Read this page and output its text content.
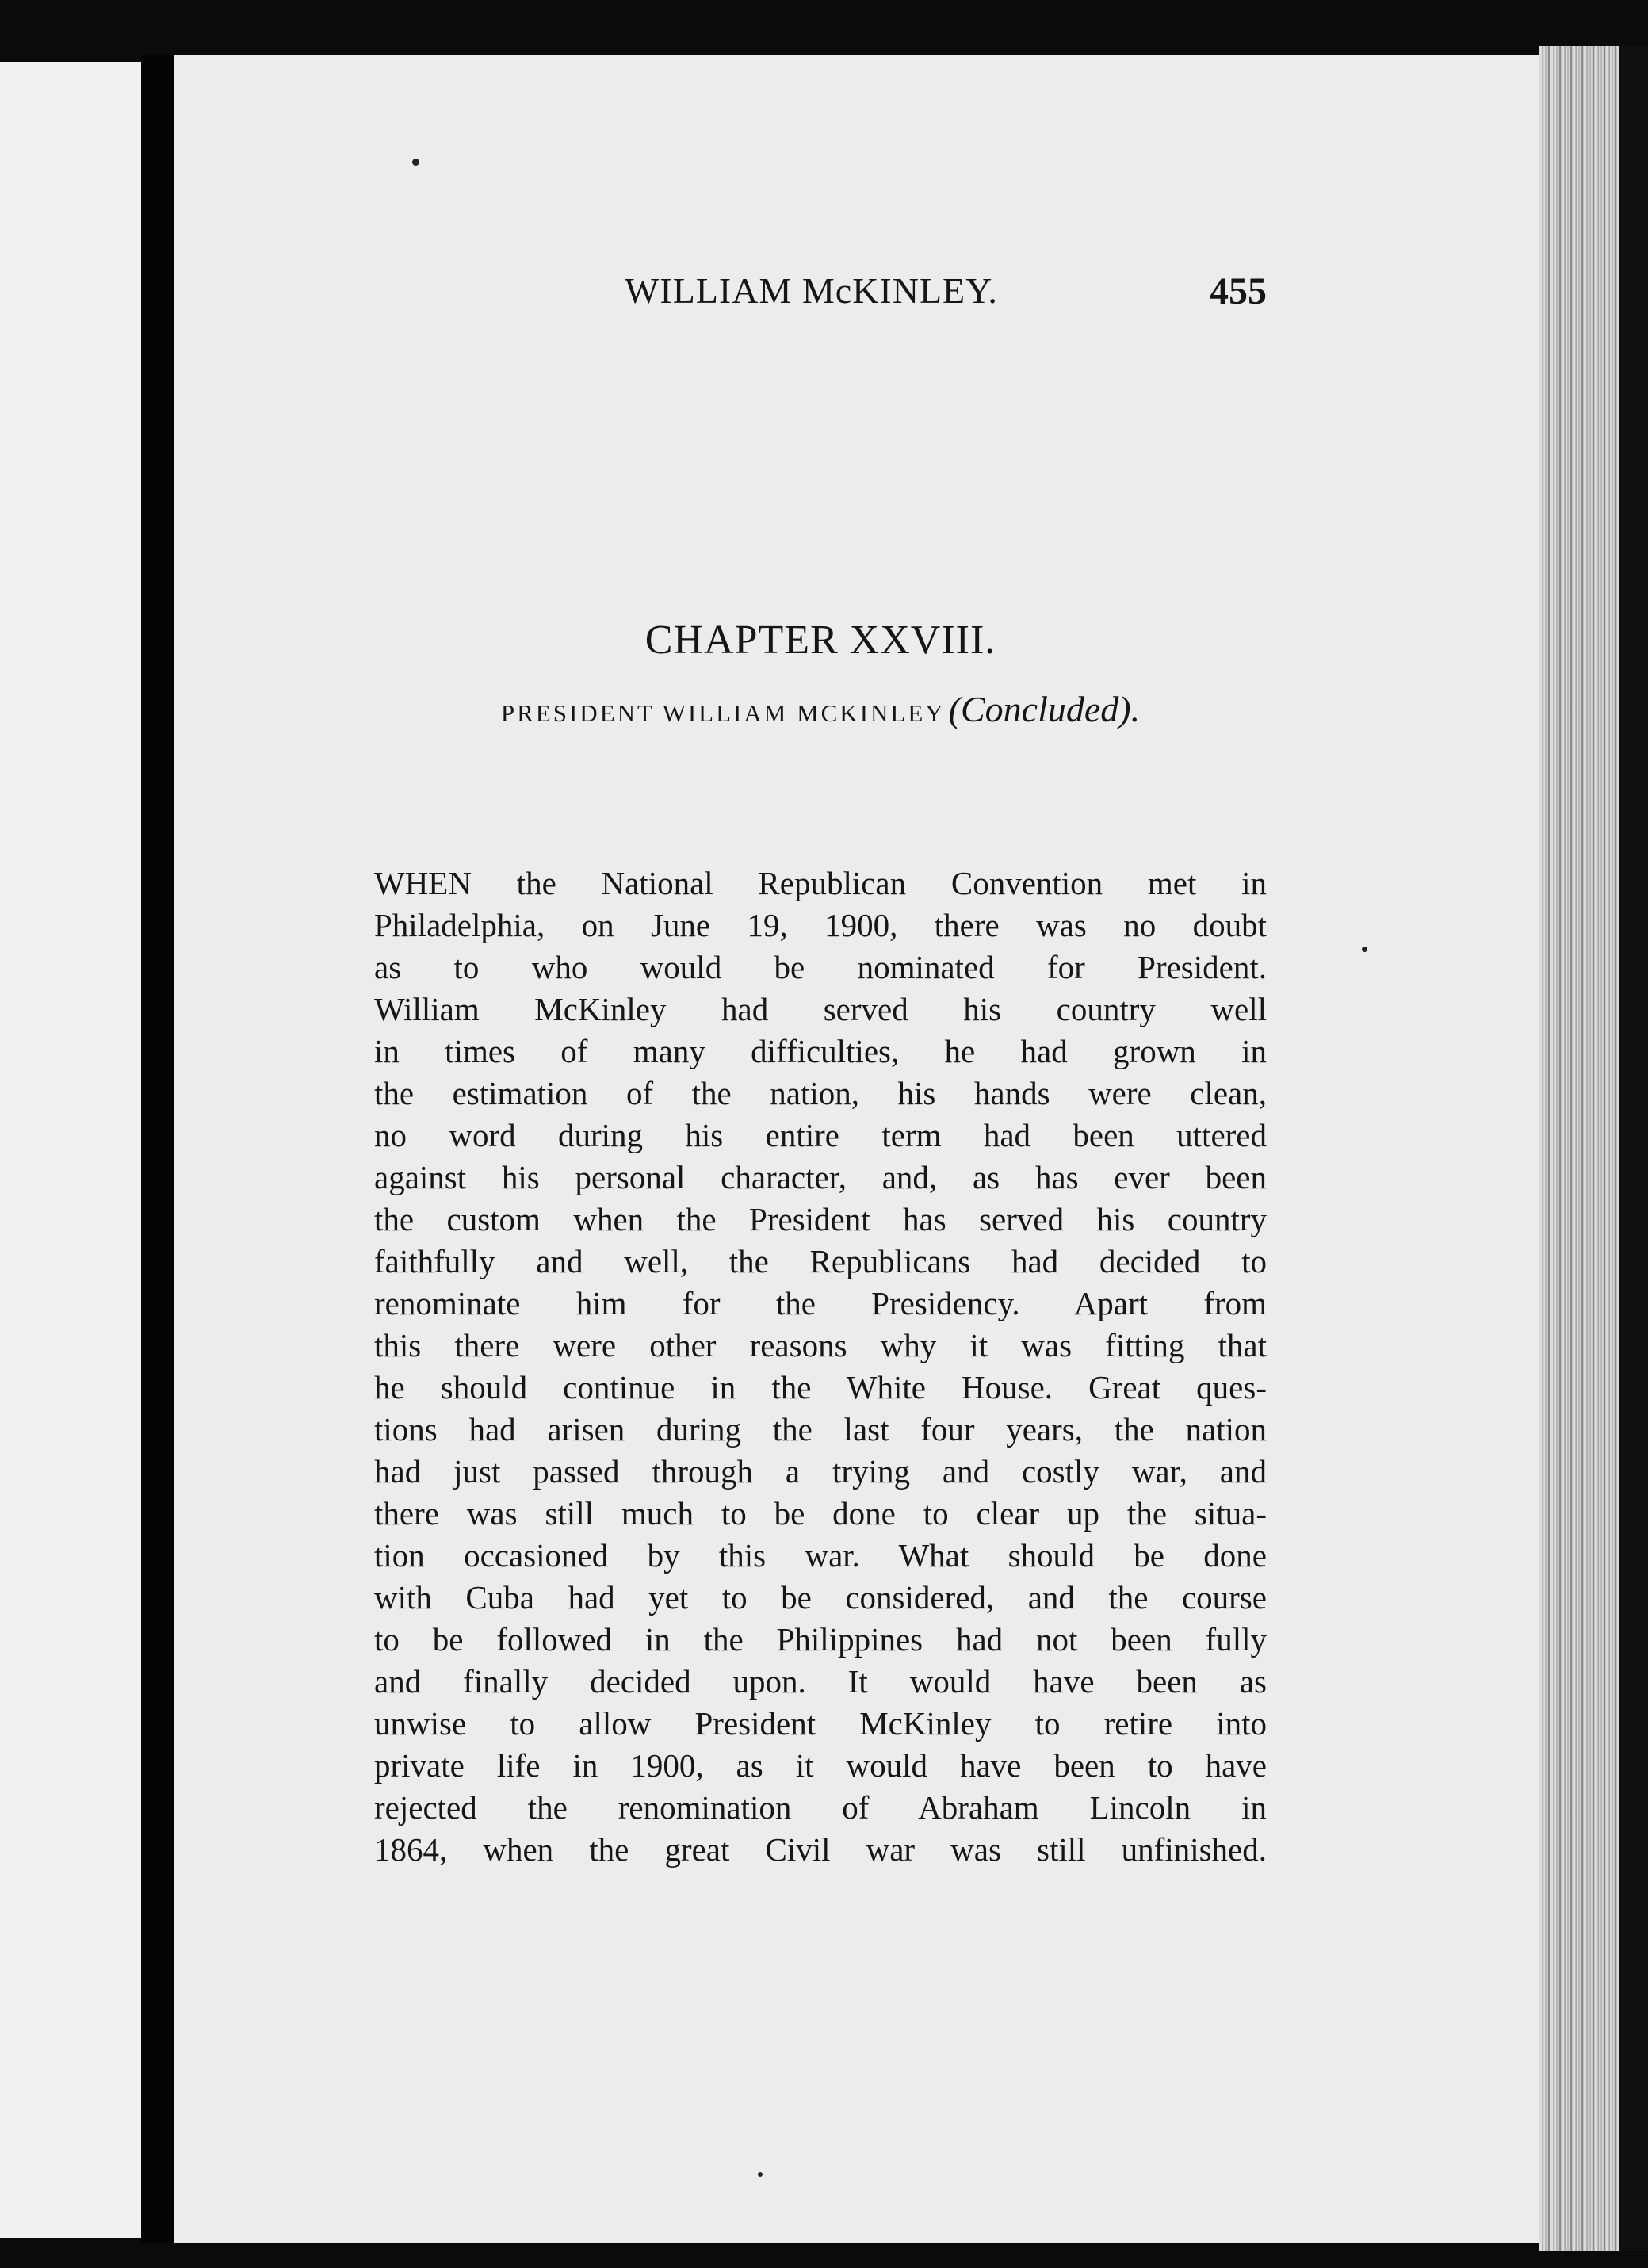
WILLIAM McKINLEY.	455
CHAPTER XXVIII.
PRESIDENT WILLIAM MCKINLEY (Concluded).
WHEN the National Republican Convention met in
Philadelphia, on June 19, 1900, there was no doubt
as to who would be nominated for President.
William McKinley had served his country well
in times of many difficulties, he had grown in
the estimation of the nation, his hands were clean,
no word during his entire term had been uttered
against his personal character, and, as has ever been
the custom when the President has served his country
faithfully and well, the Republicans had decided to
renominate him for the Presidency. Apart from
this there were other reasons why it was fitting that
he should continue in the White House. Great ques-
tions had arisen during the last four years, the nation
had just passed through a trying and costly war, and
there was still much to be done to clear up the situa-
tion occasioned by this war. What should be done
with Cuba had yet to be considered, and the course
to be followed in the Philippines had not been fully
and finally decided upon. It would have been as
unwise to allow President McKinley to retire into
private life in 1900, as it would have been to have
rejected the renomination of Abraham Lincoln in
1864, when the great Civil war was still unfinished.
